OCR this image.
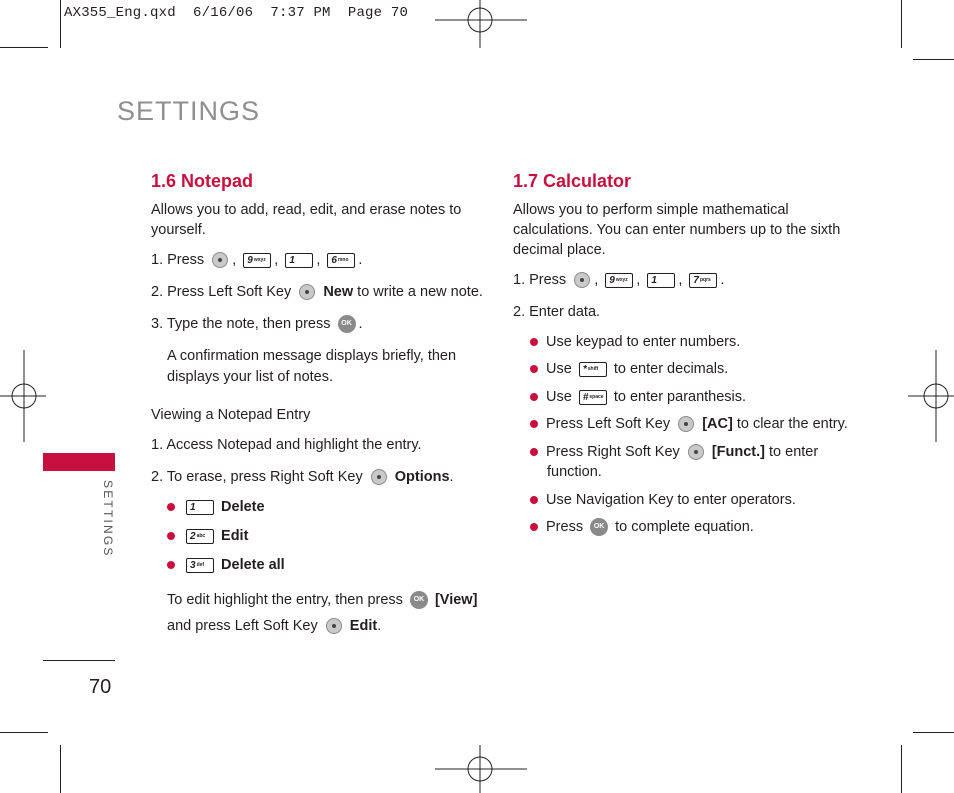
AX355_Eng.qxd  6/16/06  7:37 PM  Page 70
SETTINGS
SETTINGS
70
1.6 Notepad
Allows you to add, read, edit, and erase notes to
yourself.
1. Press , $9^{wxyz}$ , 1 , $6^{mno}$ .
2. Press Left Soft Key New to write a new note.
3. Type the note, then press OK .
A confirmation message displays briefly, then
displays your list of notes.
Viewing a Notepad Entry
1. Access Notepad and highlight the entry.
2. To erase, press Right Soft Key Options.
1 Delete
$2^{abc}$ Edit
$3^{def}$ Delete all
To edit highlight the entry, then press OK [View]
and press Left Soft Key Edit.
1.7 Calculator
Allows you to perform simple mathematical
calculations. You can enter numbers up to the sixth
decimal place.
1. Press , $9^{wxyz}$ , 1 , $7^{pqrs}$ .
2. Enter data.
Use keypad to enter numbers.
Use *$^{shift}$ to enter decimals.
Use #$^{space}$ to enter paranthesis.
Press Left Soft Key [AC] to clear the entry.
Press Right Soft Key [Funct.] to enter
function.
Use Navigation Key to enter operators.
Press OK to complete equation.
